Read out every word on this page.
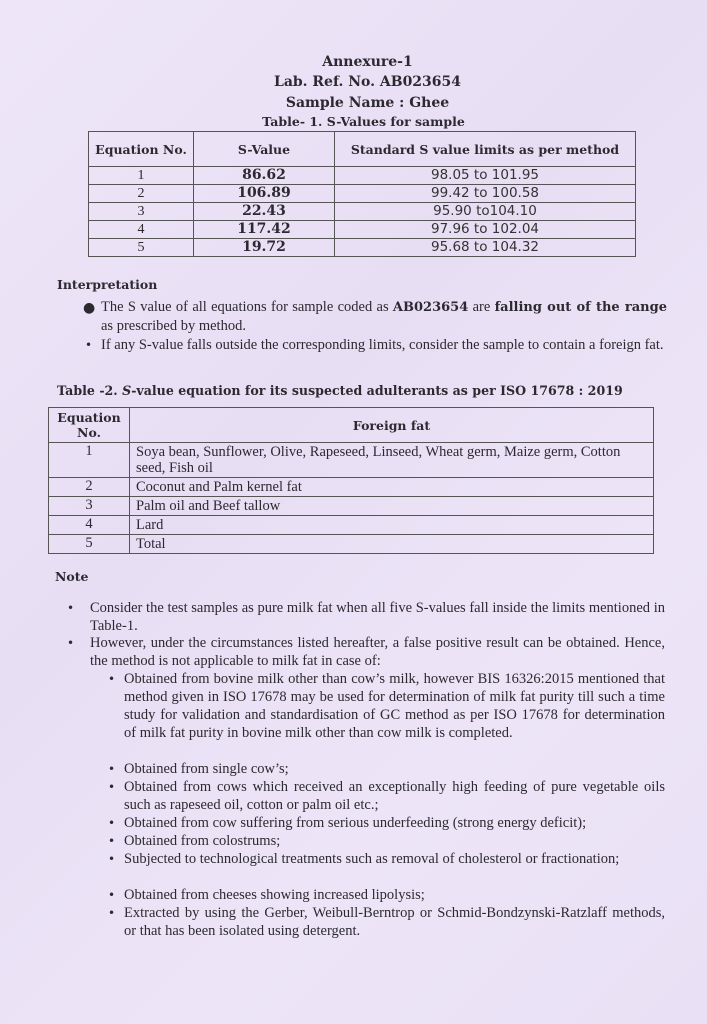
Annexure-1
Lab. Ref. No. AB023654
Sample Name : Ghee
Table- 1. S-Values for sample
Equation No.	S-Value	Standard S value limits as per method
1	86.62	98.05 to 101.95
2	106.89	99.42 to 100.58
3	22.43	95.90 to104.10
4	117.42	97.96 to 102.04
5	19.72	95.68 to 104.32
Interpretation
● The S value of all equations for sample coded as AB023654 are falling out of the range as prescribed by method.
• If any S-value falls outside the corresponding limits, consider the sample to contain a foreign fat.
Table -2. S-value equation for its suspected adulterants as per ISO 17678 : 2019
Equation No.	Foreign fat
1	Soya bean, Sunflower, Olive, Rapeseed, Linseed, Wheat germ, Maize germ, Cotton seed, Fish oil
2	Coconut and Palm kernel fat
3	Palm oil and Beef tallow
4	Lard
5	Total
Note
• Consider the test samples as pure milk fat when all five S-values fall inside the limits mentioned in Table-1.
• However, under the circumstances listed hereafter, a false positive result can be obtained. Hence, the method is not applicable to milk fat in case of:
• Obtained from bovine milk other than cow’s milk, however BIS 16326:2015 mentioned that method given in ISO 17678 may be used for determination of milk fat purity till such a time study for validation and standardisation of GC method as per ISO 17678 for determination of milk fat purity in bovine milk other than cow milk is completed.
• Obtained from single cow’s;
• Obtained from cows which received an exceptionally high feeding of pure vegetable oils such as rapeseed oil, cotton or palm oil etc.;
• Obtained from cow suffering from serious underfeeding (strong energy deficit);
• Obtained from colostrums;
• Subjected to technological treatments such as removal of cholesterol or fractionation;
• Obtained from cheeses showing increased lipolysis;
• Extracted by using the Gerber, Weibull-Berntrop or Schmid-Bondzynski-Ratzlaff methods, or that has been isolated using detergent.
